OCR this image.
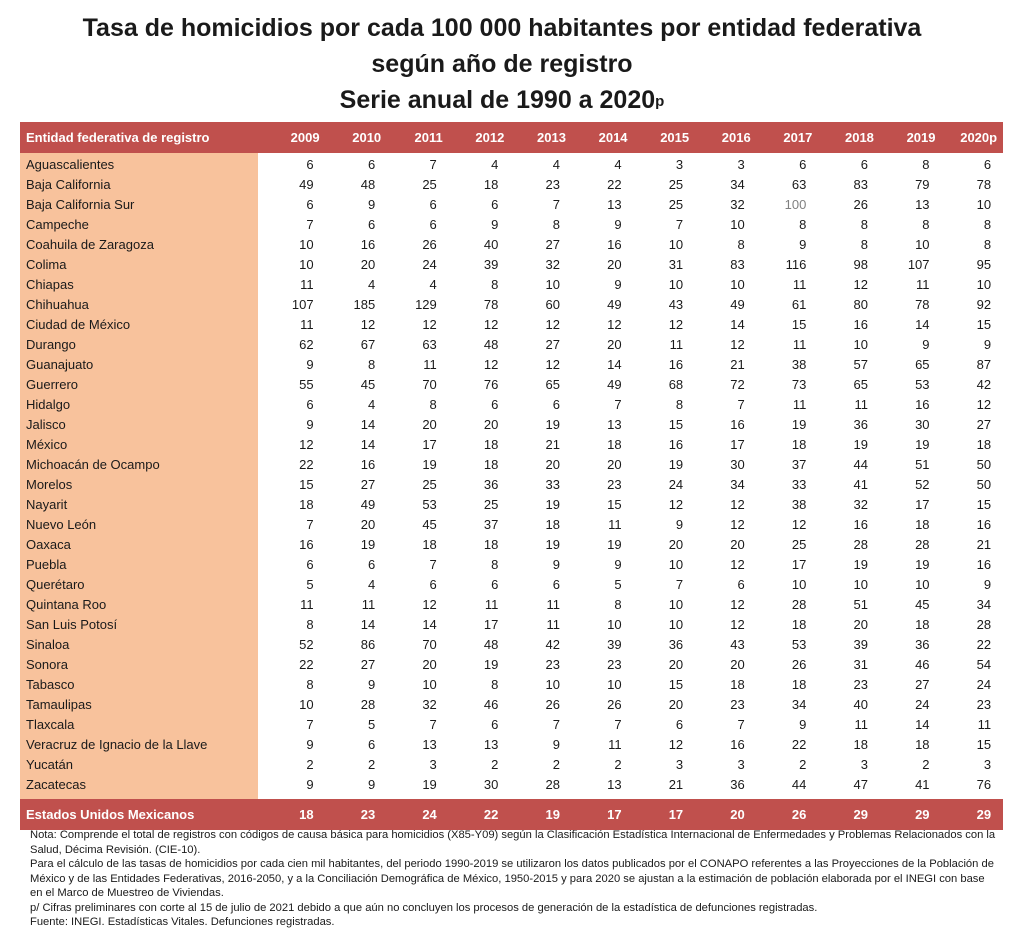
Tasa de homicidios por cada 100 000 habitantes por entidad federativa
según año de registro
Serie anual de 1990 a 2020$^p$
Entidad federativa de registro	2009	2010	2011	2012	2013	2014	2015	2016	2017	2018	2019	2020p
Aguascalientes	6	6	7	4	4	4	3	3	6	6	8	6
Baja California	49	48	25	18	23	22	25	34	63	83	79	78
Baja California Sur	6	9	6	6	7	13	25	32	100	26	13	10
Campeche	7	6	6	9	8	9	7	10	8	8	8	8
Coahuila de Zaragoza	10	16	26	40	27	16	10	8	9	8	10	8
Colima	10	20	24	39	32	20	31	83	116	98	107	95
Chiapas	11	4	4	8	10	9	10	10	11	12	11	10
Chihuahua	107	185	129	78	60	49	43	49	61	80	78	92
Ciudad de México	11	12	12	12	12	12	12	14	15	16	14	15
Durango	62	67	63	48	27	20	11	12	11	10	9	9
Guanajuato	9	8	11	12	12	14	16	21	38	57	65	87
Guerrero	55	45	70	76	65	49	68	72	73	65	53	42
Hidalgo	6	4	8	6	6	7	8	7	11	11	16	12
Jalisco	9	14	20	20	19	13	15	16	19	36	30	27
México	12	14	17	18	21	18	16	17	18	19	19	18
Michoacán de Ocampo	22	16	19	18	20	20	19	30	37	44	51	50
Morelos	15	27	25	36	33	23	24	34	33	41	52	50
Nayarit	18	49	53	25	19	15	12	12	38	32	17	15
Nuevo León	7	20	45	37	18	11	9	12	12	16	18	16
Oaxaca	16	19	18	18	19	19	20	20	25	28	28	21
Puebla	6	6	7	8	9	9	10	12	17	19	19	16
Querétaro	5	4	6	6	6	5	7	6	10	10	10	9
Quintana Roo	11	11	12	11	11	8	10	12	28	51	45	34
San Luis Potosí	8	14	14	17	11	10	10	12	18	20	18	28
Sinaloa	52	86	70	48	42	39	36	43	53	39	36	22
Sonora	22	27	20	19	23	23	20	20	26	31	46	54
Tabasco	8	9	10	8	10	10	15	18	18	23	27	24
Tamaulipas	10	28	32	46	26	26	20	23	34	40	24	23
Tlaxcala	7	5	7	6	7	7	6	7	9	11	14	11
Veracruz de Ignacio de la Llave	9	6	13	13	9	11	12	16	22	18	18	15
Yucatán	2	2	3	2	2	2	3	3	2	3	2	3
Zacatecas	9	9	19	30	28	13	21	36	44	47	41	76
Estados Unidos Mexicanos	18	23	24	22	19	17	17	20	26	29	29	29

Nota: Comprende el total de registros con códigos de causa básica para homicidios (X85-Y09) según la Clasificación Estadística Internacional de Enfermedades y Problemas Relacionados con la Salud, Décima Revisión. (CIE-10).

Para el cálculo de las tasas de homicidios por cada cien mil habitantes, del periodo 1990-2019 se utilizaron los datos publicados por el CONAPO referentes a las Proyecciones de la Población de México y de las Entidades Federativas, 2016-2050, y a la Conciliación Demográfica de México, 1950-2015 y para 2020 se ajustan a la estimación de población elaborada por el INEGI con base en el Marco de Muestreo de Viviendas.

p/ Cifras preliminares con corte al 15 de julio de 2021 debido a que aún no concluyen los procesos de generación de la estadística de defunciones registradas.

Fuente: INEGI. Estadísticas Vitales. Defunciones registradas.
